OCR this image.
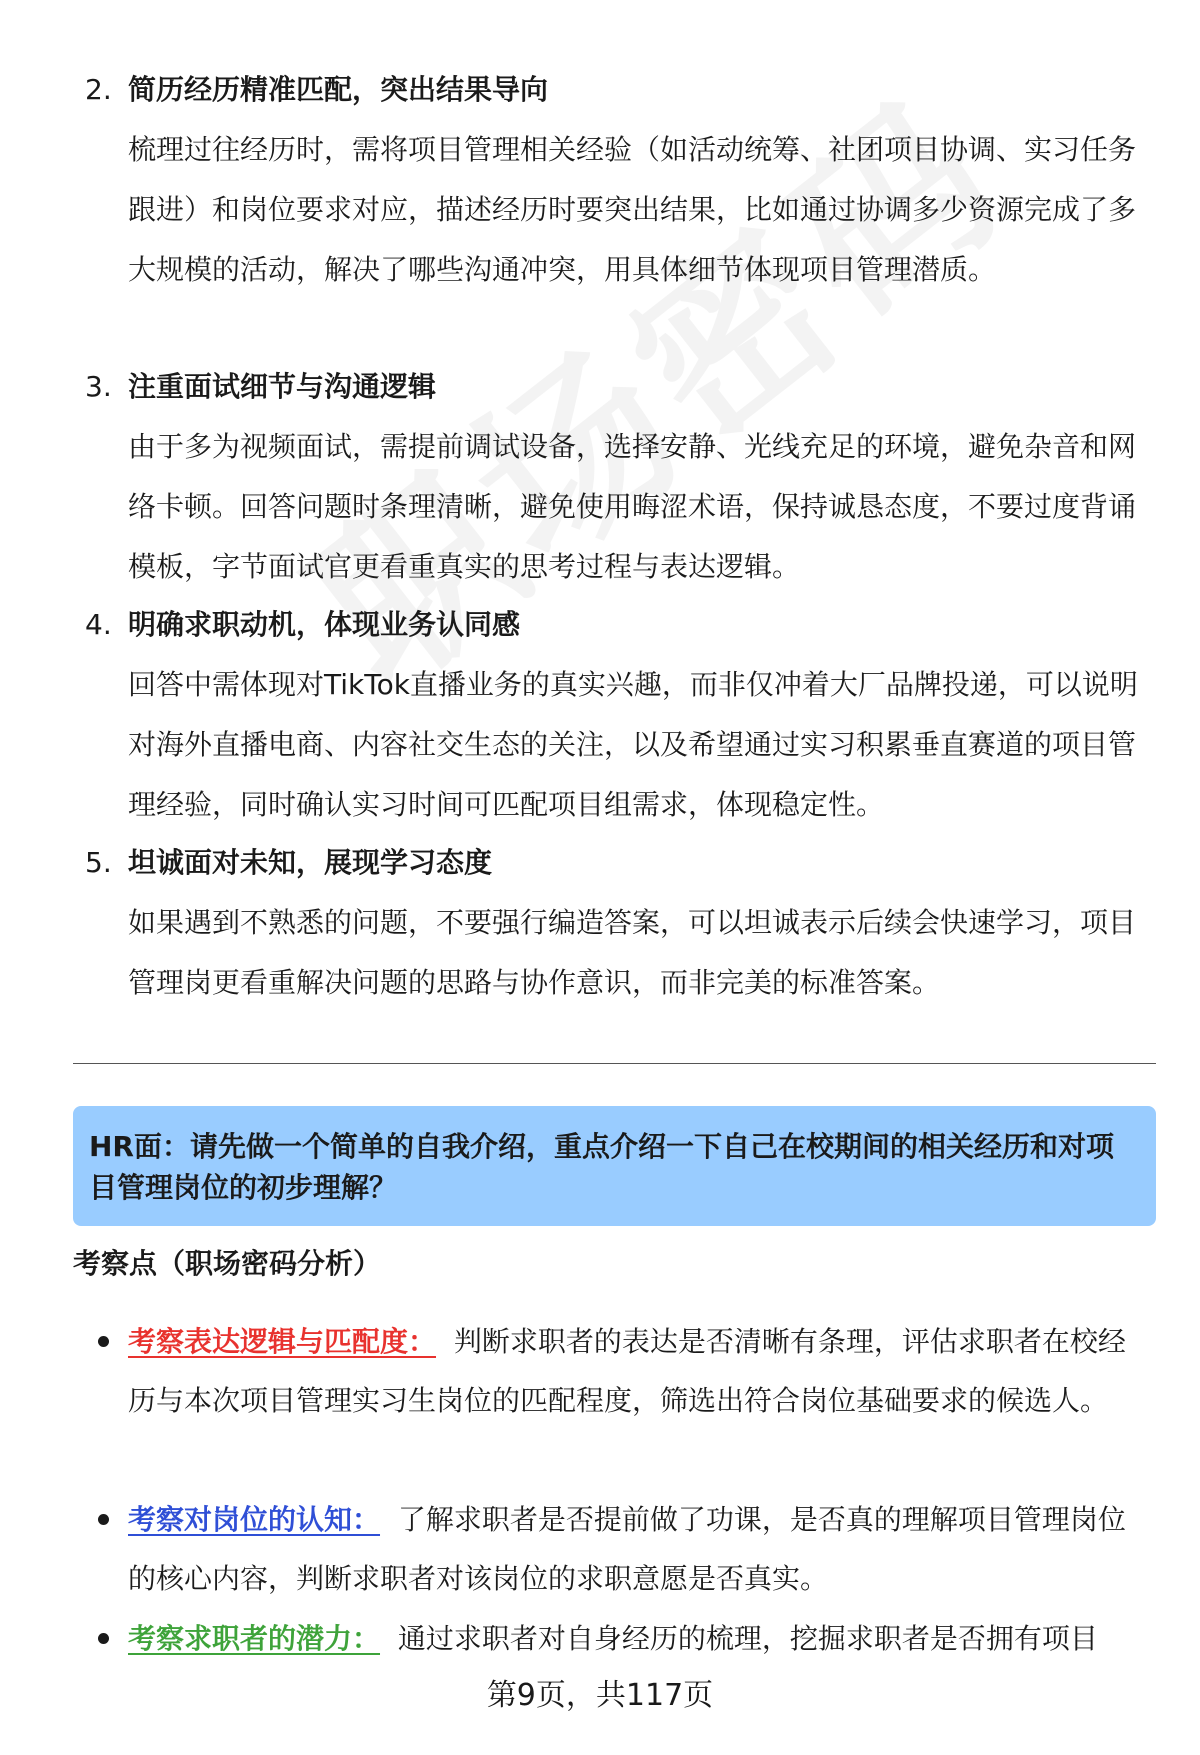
2. 简历经历精准匹配，突出结果导向

梳理过往经历时，需将项目管理相关经验（如活动统筹、社团项目协调、实习任务跟进）和岗位要求对应，描述经历时要突出结果，比如通过协调多少资源完成了多大规模的活动，解决了哪些沟通冲突，用具体细节体现项目管理潜质。

3. 注重面试细节与沟通逻辑

由于多为视频面试，需提前调试设备，选择安静、光线充足的环境，避免杂音和网络卡顿。回答问题时条理清晰，避免使用晦涩术语，保持诚恳态度，不要过度背诵模板，字节面试官更看重真实的思考过程与表达逻辑。

4. 明确求职动机，体现业务认同感

回答中需体现对TikTok直播业务的真实兴趣，而非仅冲着大厂品牌投递，可以说明对海外直播电商、内容社交生态的关注，以及希望通过实习积累垂直赛道的项目管理经验，同时确认实习时间可匹配项目组需求，体现稳定性。

5. 坦诚面对未知，展现学习态度

如果遇到不熟悉的问题，不要强行编造答案，可以坦诚表示后续会快速学习，项目管理岗更看重解决问题的思路与协作意识，而非完美的标准答案。

HR面：请先做一个简单的自我介绍，重点介绍一下自己在校期间的相关经历和对项目管理岗位的初步理解？
考察点（职场密码分析）

考察表达逻辑与匹配度： 判断求职者的表达是否清晰有条理，评估求职者在校经历与本次项目管理实习生岗位的匹配程度，筛选出符合岗位基础要求的候选人。

考察对岗位的认知： 了解求职者是否提前做了功课，是否真的理解项目管理岗位的核心内容，判断求职者对该岗位的求职意愿是否真实。

考察求职者的潜力： 通过求职者对自身经历的梳理，挖掘求职者是否拥有项目

第9页，共117页
